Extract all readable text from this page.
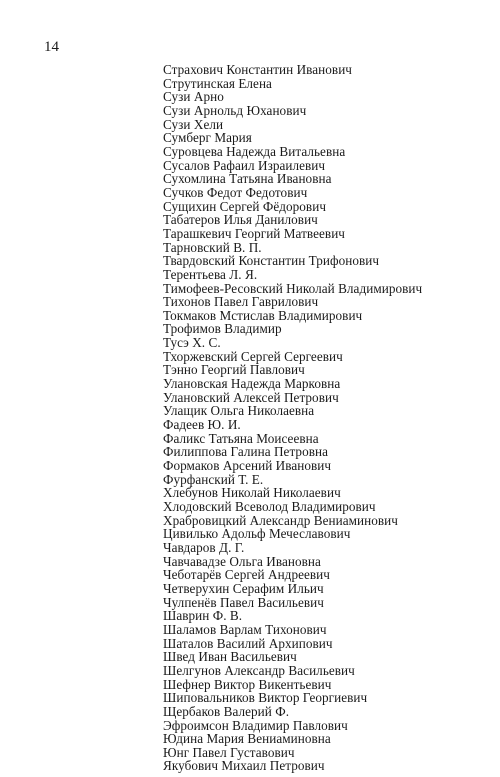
14
Страхович Константин Иванович
Струтинская Елена
Сузи Арно
Сузи Арнольд Юханович
Сузи Хели
Сумберг Мария
Суровцева Надежда Витальевна
Сусалов Рафаил Израилевич
Сухомлина Татьяна Ивановна
Сучков Федот Федотович
Сущихин Сергей Фёдорович
Табатеров Илья Данилович
Тарашкевич Георгий Матвеевич
Тарновский В. П.
Твардовский Константин Трифонович
Терентьева Л. Я.
Тимофеев-Ресовский Николай Владимирович
Тихонов Павел Гаврилович
Токмаков Мстислав Владимирович
Трофимов Владимир
Тусэ Х. С.
Тхоржевский Сергей Сергеевич
Тэнно Георгий Павлович
Улановская Надежда Марковна
Улановский Алексей Петрович
Улащик Ольга Николаевна
Фадеев Ю. И.
Фаликс Татьяна Моисеевна
Филиппова Галина Петровна
Формаков Арсений Иванович
Фурфанский Т. Е.
Хлебунов Николай Николаевич
Хлодовский Всеволод Владимирович
Храбровицкий Александр Вениаминович
Цивилько Адольф Мечеславович
Чавдаров Д. Г.
Чавчавадзе Ольга Ивановна
Чеботарёв Сергей Андреевич
Четверухин Серафим Ильич
Чулпенёв Павел Васильевич
Шаврин Ф. В.
Шаламов Варлам Тихонович
Шаталов Василий Архипович
Швед Иван Васильевич
Шелгунов Александр Васильевич
Шефнер Виктор Викентьевич
Шиповальников Виктор Георгиевич
Щербаков Валерий Ф.
Эфроимсон Владимир Павлович
Юдина Мария Вениаминовна
Юнг Павел Густавович
Якубович Михаил Петрович
